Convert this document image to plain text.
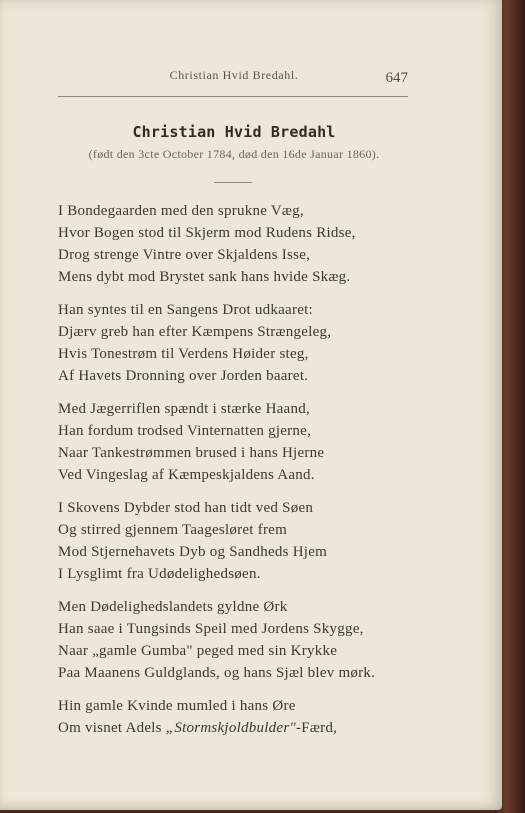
Christian Hvid Bredahl.	647
Christian Hvid Bredahl
(født den 3cte October 1784, død den 16de Januar 1860).
I Bondegaarden med den sprukne Væg,
Hvor Bogen stod til Skjerm mod Rudens Ridse,
Drog strenge Vintre over Skjaldens Isse,
Mens dybt mod Brystet sank hans hvide Skæg.
Han syntes til en Sangens Drot udkaaret:
Djærv greb han efter Kæmpens Strængeleg,
Hvis Tonestrøm til Verdens Høider steg,
Af Havets Dronning over Jorden baaret.
Med Jægerriflen spændt i stærke Haand,
Han fordum trodsed Vinternatten gjerne,
Naar Tankestrømmen brused i hans Hjerne
Ved Vingeslag af Kæmpeskjaldens Aand.
I Skovens Dybder stod han tidt ved Søen
Og stirred gjennem Taagesløret frem
Mod Stjernehavets Dyb og Sandheds Hjem
I Lysglimt fra Udødelighedsøen.
Men Dødelighedslandets gyldne Ørk
Han saae i Tungsinds Speil med Jordens Skygge,
Naar „gamle Gumba" peged med sin Krykke
Paa Maanens Guldglands, og hans Sjæl blev mørk.
Hin gamle Kvinde mumled i hans Øre
Om visnet Adels „Stormskjoldbulder"-Færd,
